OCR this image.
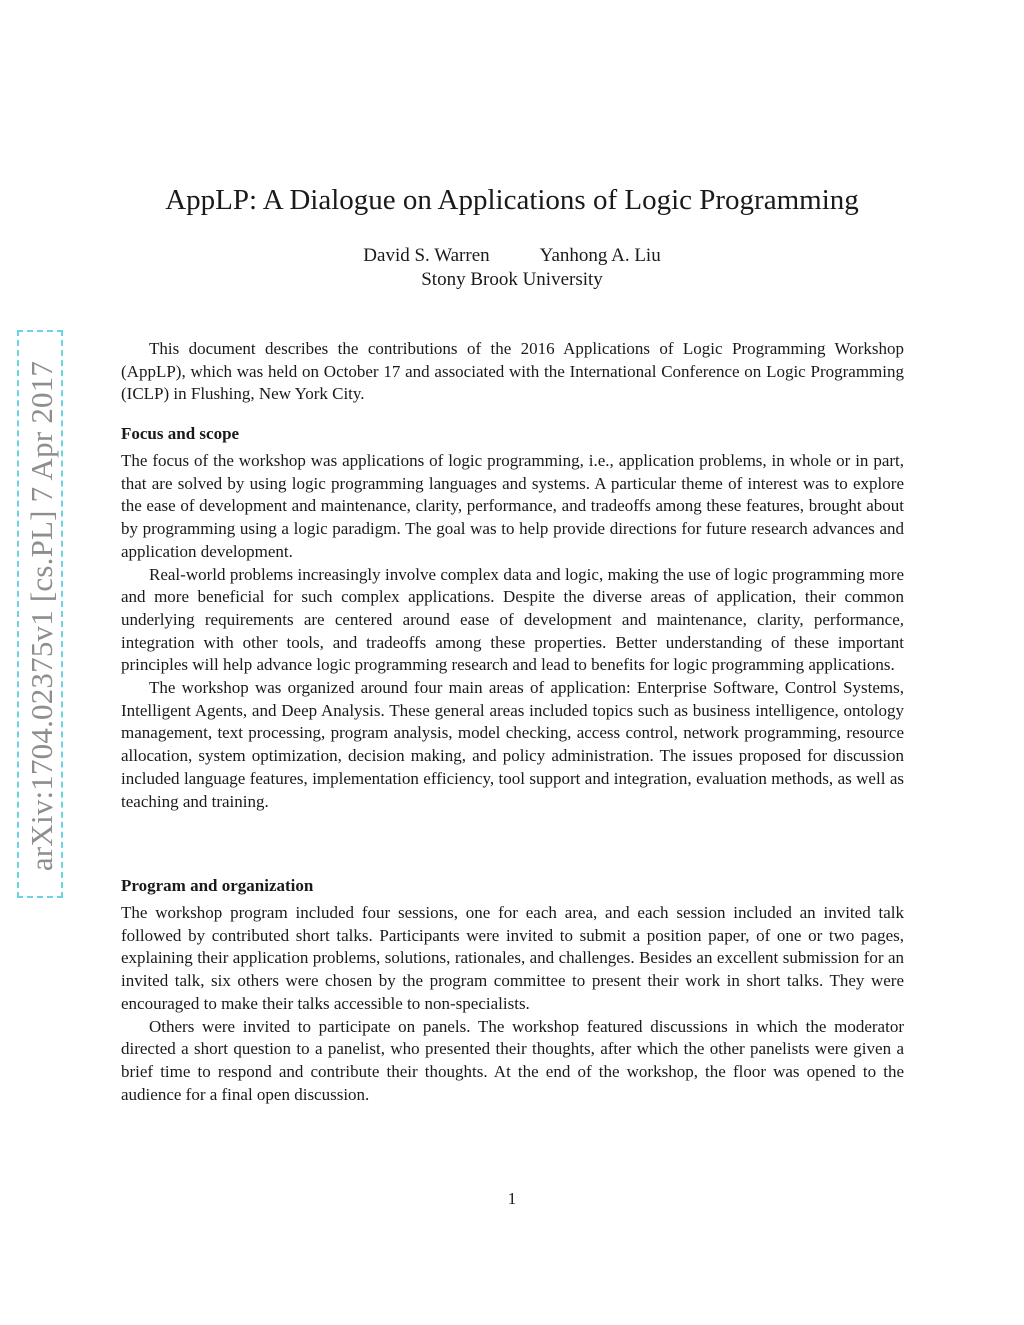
arXiv:1704.02375v1 [cs.PL] 7 Apr 2017
AppLP: A Dialogue on Applications of Logic Programming
David S. Warren	Yanhong A. Liu
Stony Brook University

This document describes the contributions of the 2016 Applications of Logic Programming Workshop (AppLP), which was held on October 17 and associated with the International Conference on Logic Programming (ICLP) in Flushing, New York City.

Focus and scope

The focus of the workshop was applications of logic programming, i.e., application problems, in whole or in part, that are solved by using logic programming languages and systems. A particular theme of interest was to explore the ease of development and maintenance, clarity, performance, and tradeoffs among these features, brought about by programming using a logic paradigm. The goal was to help provide directions for future research advances and application development.

Real-world problems increasingly involve complex data and logic, making the use of logic programming more and more beneficial for such complex applications. Despite the diverse areas of application, their common underlying requirements are centered around ease of development and maintenance, clarity, performance, integration with other tools, and tradeoffs among these properties. Better understanding of these important principles will help advance logic programming research and lead to benefits for logic programming applications.

The workshop was organized around four main areas of application: Enterprise Software, Control Systems, Intelligent Agents, and Deep Analysis. These general areas included topics such as business intelligence, ontology management, text processing, program analysis, model checking, access control, network programming, resource allocation, system optimization, decision making, and policy administration. The issues proposed for discussion included language features, implementation efficiency, tool support and integration, evaluation methods, as well as teaching and training.

Program and organization

The workshop program included four sessions, one for each area, and each session included an invited talk followed by contributed short talks. Participants were invited to submit a position paper, of one or two pages, explaining their application problems, solutions, rationales, and challenges. Besides an excellent submission for an invited talk, six others were chosen by the program committee to present their work in short talks. They were encouraged to make their talks accessible to non-specialists.

Others were invited to participate on panels. The workshop featured discussions in which the moderator directed a short question to a panelist, who presented their thoughts, after which the other panelists were given a brief time to respond and contribute their thoughts. At the end of the workshop, the floor was opened to the audience for a final open discussion.

1
